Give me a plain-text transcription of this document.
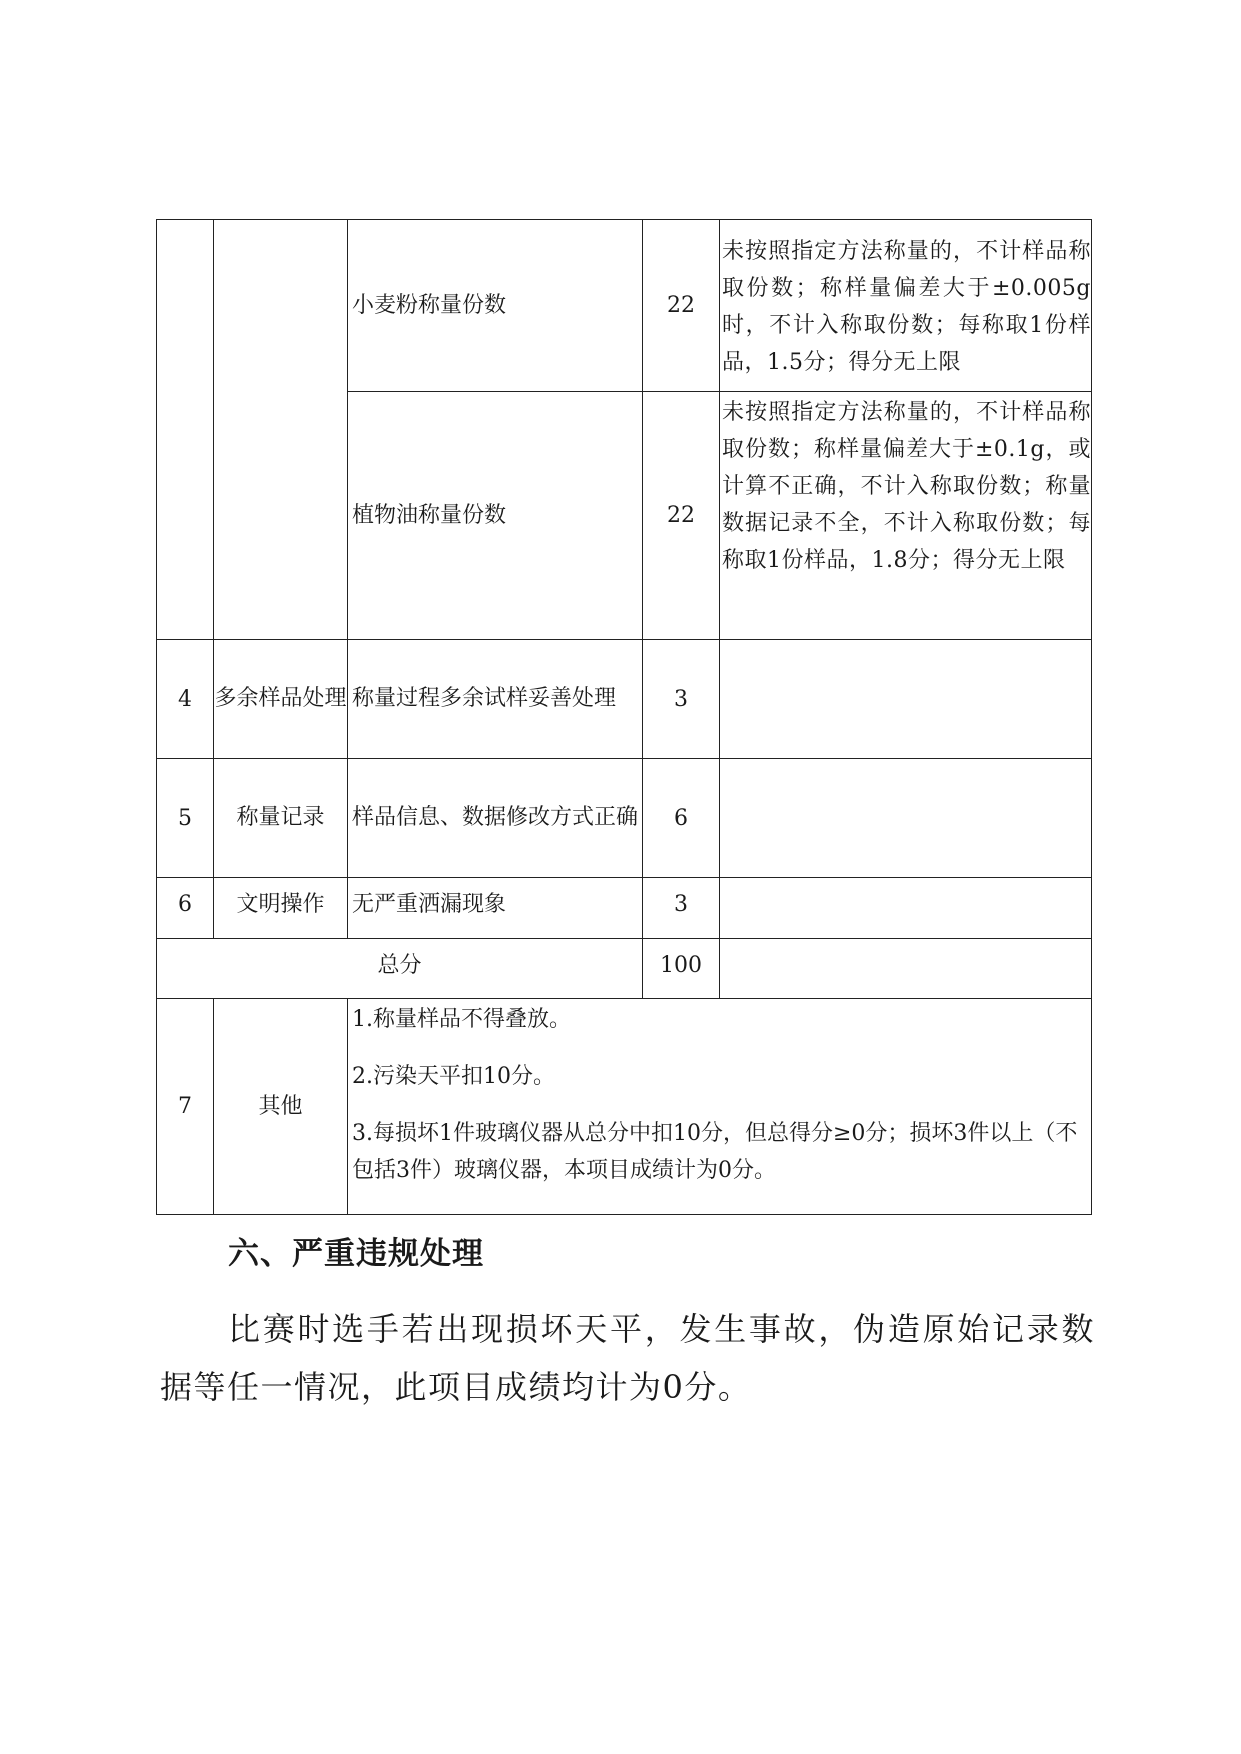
		小麦粉称量份数	22	未按照指定方法称量的，不计样品称取份数；称样量偏差大于±0.005g时，不计入称取份数；每称取1份样品，1.5分；得分无上限
		植物油称量份数	22	未按照指定方法称量的，不计样品称取份数；称样量偏差大于±0.1g，或计算不正确，不计入称取份数；称量数据记录不全，不计入称取份数；每称取1份样品，1.8分；得分无上限
4	多余样品处理	称量过程多余试样妥善处理	3	
5	称量记录	样品信息、数据修改方式正确	6	
6	文明操作	无严重洒漏现象	3	
总分			100	
7	其他	1.称量样品不得叠放。

2.污染天平扣10分。

3.每损坏1件玻璃仪器从总分中扣10分，但总得分≥0分；损坏3件以上（不包括3件）玻璃仪器，本项目成绩计为0分。		

六、严重违规处理
比赛时选手若出现损坏天平，发生事故，伪造原始记录数据等任一情况，此项目成绩均计为0分。
